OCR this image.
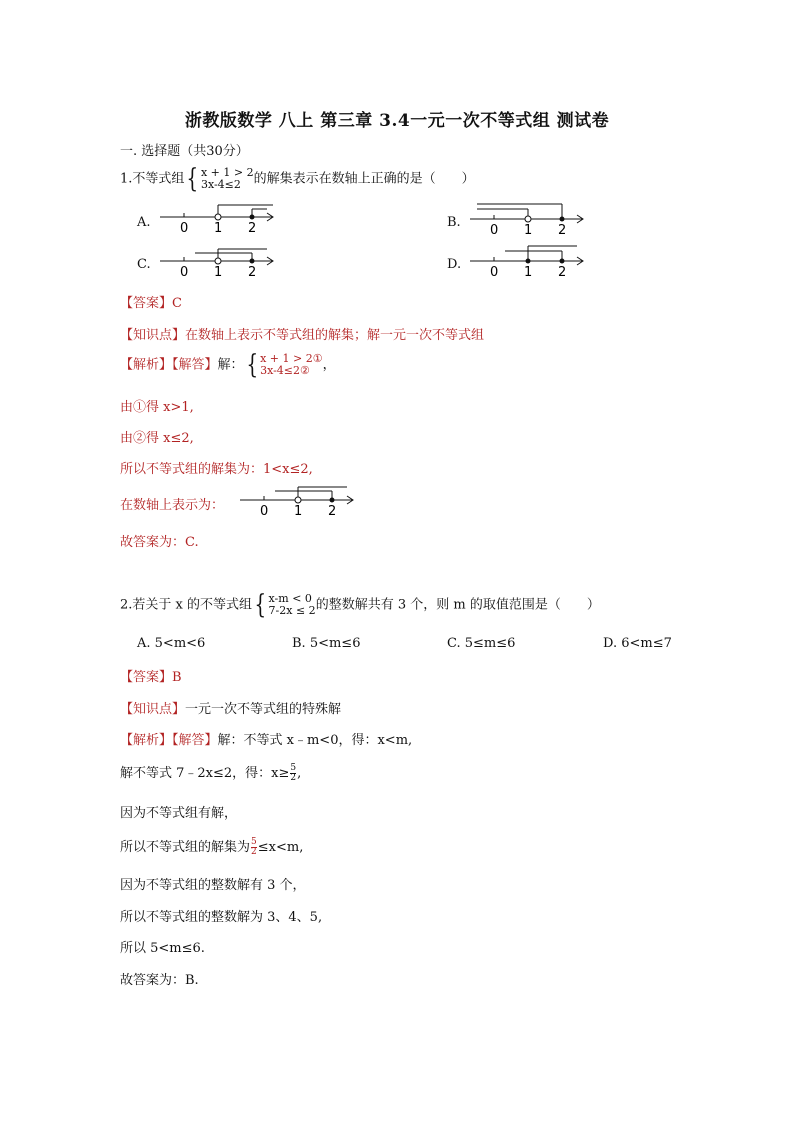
浙教版数学 八上 第三章 3.4一元一次不等式组 测试卷
一. 选择题（共30分）
1.不等式组{ x + 1 > 2
3x-4≤2 的解集表示在数轴上正确的是（　　）
A. 0 1 2	B.
0 1 2
C.
0 1 2
D.
0 1 2
【答案】C
【知识点】在数轴上表示不等式组的解集；解一元一次不等式组
【解析】【解答】解：{ x + 1 > 2①
3x-4≤2② ，
由①得 x>1,
由②得 x≤2,
所以不等式组的解集为：1<x≤2,
在数轴上表示为：	0 1 2
故答案为：C.
2.若关于 x 的不等式组{ x-m < 0
7-2x ≤ 2 的整数解共有 3 个，则 m 的取值范围是（　　）
A. 5<m<6	B. 5<m≤6	C. 5≤m≤6	D. 6<m≤7
【答案】B
【知识点】一元一次不等式组的特殊解
【解析】【解答】解：不等式 x﹣m<0，得：x<m,
解不等式 7﹣2x≤2，得：$x\ge \frac{5}{2}$ ,
因为不等式组有解，
所以不等式组的解集为 $\frac{5}{2} \le x<m$,
因为不等式组的整数解有 3 个，
所以不等式组的整数解为 3、4、5,
所以 5<m≤6.
故答案为：B.
